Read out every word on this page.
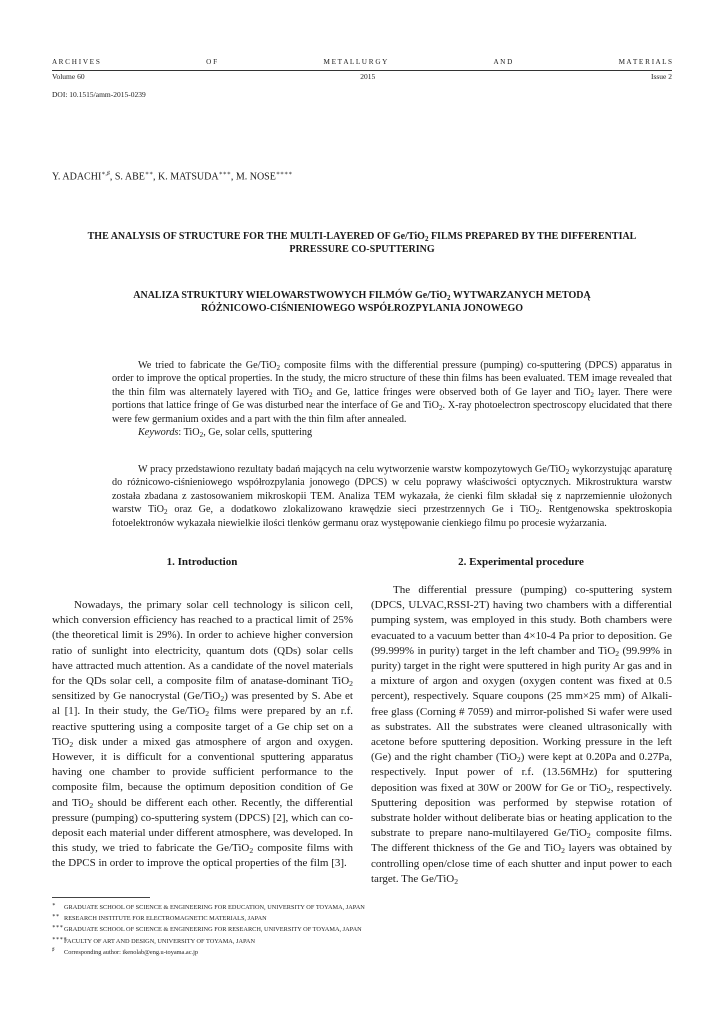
A R C H I V E S	O F	M E T A L L U R G Y	A N D	M A T E R I A L S
Volume 60	2015	Issue 2
DOI: 10.1515/amm-2015-0239
Y. ADACHI∗,♯, S. ABE∗∗, K. MATSUDA∗∗∗, M. NOSE∗∗∗∗
THE ANALYSIS OF STRUCTURE FOR THE MULTI-LAYERED OF Ge/TiO$_2$ FILMS PREPARED BY THE DIFFERENTIAL
PRRESSURE CO-SPUTTERING
ANALIZA STRUKTURY WIELOWARSTWOWYCH FILMÓW Ge/TiO$_2$ WYTWARZANYCH METODĄ
RÓŻNICOWO-CIŚNIENIOWEGO WSPÓŁROZPYLANIA JONOWEGO

We tried to fabricate the Ge/TiO$_2$ composite films with the differential pressure (pumping) co-sputtering (DPCS) apparatus in order to improve the optical properties. In the study, the micro structure of these thin films has been evaluated. TEM image revealed that the thin film was alternately layered with TiO$_2$ and Ge, lattice fringes were observed both of Ge layer and TiO$_2$ layer. There were portions that lattice fringe of Ge was disturbed near the interface of Ge and TiO$_2$. X-ray photoelectron spectroscopy elucidated that there were few germanium oxides and a part with the thin film after annealed.

Keywords: TiO$_2$, Ge, solar cells, sputtering

W pracy przedstawiono rezultaty badań mających na celu wytworzenie warstw kompozytowych Ge/TiO$_2$ wykorzystując aparaturę do różnicowo-ciśnieniowego współrozpylania jonowego (DPCS) w celu poprawy właściwości optycznych. Mikrostruktura warstw została zbadana z zastosowaniem mikroskopii TEM. Analiza TEM wykazała, że cienki film składał się z naprzemiennie ułożonych warstw TiO$_2$ oraz Ge, a dodatkowo zlokalizowano krawędzie sieci przestrzennych Ge i TiO$_2$. Rentgenowska spektroskopia fotoelektronów wykazała niewielkie ilości tlenków germanu oraz występowanie cienkiego filmu po procesie wyżarzania.

1. Introduction	2. Experimental procedure

Nowadays, the primary solar cell technology is silicon cell, which conversion efficiency has reached to a practical limit of 25% (the theoretical limit is 29%). In order to achieve higher conversion ratio of sunlight into electricity, quantum dots (QDs) solar cells have attracted much attention. As a candidate of the novel materials for the QDs solar cell, a composite film of anatase-dominant TiO$_2$ sensitized by Ge nanocrystal (Ge/TiO$_2$) was presented by S. Abe et al [1]. In their study, the Ge/TiO$_2$ films were prepared by an r.f. reactive sputtering using a composite target of a Ge chip set on a TiO$_2$ disk under a mixed gas atmosphere of argon and oxygen. However, it is difficult for a conventional sputtering apparatus having one chamber to provide sufficient performance to the composite film, because the optimum deposition condition of Ge and TiO$_2$ should be different each other. Recently, the differential pressure (pumping) co-sputtering system (DPCS) [2], which can co-deposit each material under different atmosphere, was developed. In this study, we tried to fabricate the Ge/TiO$_2$ composite films with the DPCS in order to improve the optical properties of the film [3].

The differential pressure (pumping) co-sputtering system (DPCS, ULVAC,RSSI-2T) having two chambers with a differential pumping system, was employed in this study. Both chambers were evacuated to a vacuum better than 4×10-4 Pa prior to deposition. Ge (99.999% in purity) target in the left chamber and TiO$_2$ (99.99% in purity) target in the right were sputtered in high purity Ar gas and in a mixture of argon and oxygen (oxygen content was fixed at 0.5 percent), respectively. Square coupons (25 mm×25 mm) of Alkali-free glass (Corning # 7059) and mirror-polished Si wafer were used as substrates. All the substrates were cleaned ultrasonically with acetone before sputtering deposition. Working pressure in the left (Ge) and the right chamber (TiO$_2$) were kept at 0.20Pa and 0.27Pa, respectively. Input power of r.f. (13.56MHz) for sputtering deposition was fixed at 30W or 200W for Ge or TiO$_2$, respectively. Sputtering deposition was performed by stepwise rotation of substrate holder without deliberate bias or heating application to the substrate to prepare nano-multilayered Ge/TiO$_2$ composite films. The different thickness of the Ge and TiO$_2$ layers was obtained by controlling open/close time of each shutter and input power to each target. The Ge/TiO$_2$

∗	GRADUATE SCHOOL OF SCIENCE & ENGINEERING FOR EDUCATION, UNIVERSITY OF TOYAMA, JAPAN
∗∗ RESEARCH INSTITUTE FOR ELECTROMAGNETIC MATERIALS, JAPAN
∗∗∗ GRADUATE SCHOOL OF SCIENCE & ENGINEERING FOR RESEARCH, UNIVERSITY OF TOYAMA, JAPAN
∗∗∗∗
FACULTY OF ART AND DESIGN, UNIVERSITY OF TOYAMA, JAPAN
♯	Corresponding author: ikenolab@eng.u-toyama.ac.jp
